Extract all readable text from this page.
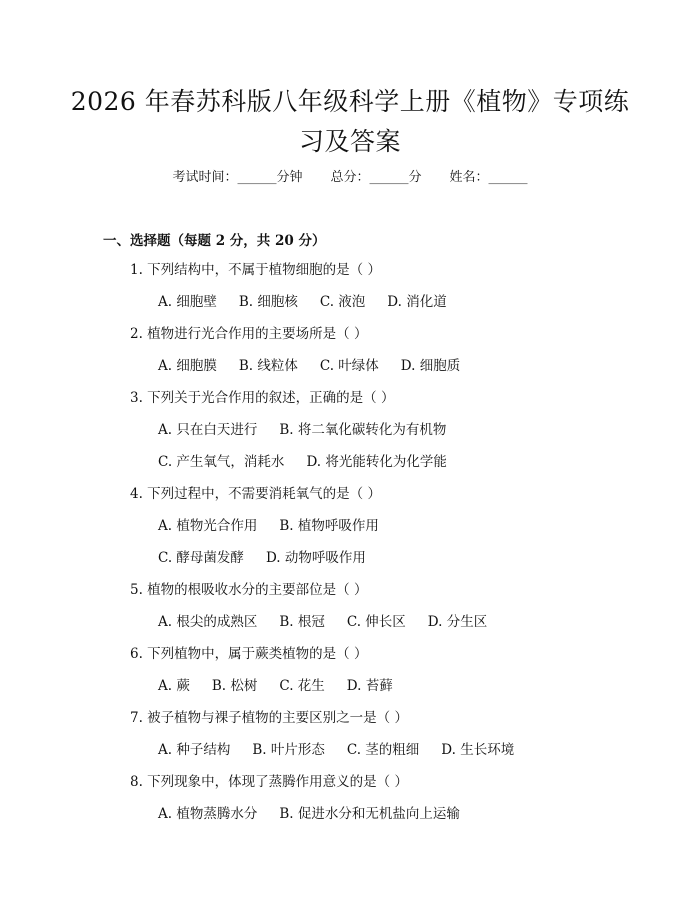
2026 年春苏科版八年级科学上册《植物》专项练习及答案
考试时间：______分钟 总分：______分 姓名：______
一、选择题（每题 2 分，共 20 分）
1. 下列结构中，不属于植物细胞的是（ ）
A. 细胞壁 B. 细胞核 C. 液泡 D. 消化道
2. 植物进行光合作用的主要场所是（ ）
A. 细胞膜 B. 线粒体 C. 叶绿体 D. 细胞质
3. 下列关于光合作用的叙述，正确的是（ ）
A. 只在白天进行 B. 将二氧化碳转化为有机物
C. 产生氧气，消耗水 D. 将光能转化为化学能
4. 下列过程中，不需要消耗氧气的是（ ）
A. 植物光合作用 B. 植物呼吸作用
C. 酵母菌发酵 D. 动物呼吸作用
5. 植物的根吸收水分的主要部位是（ ）
A. 根尖的成熟区 B. 根冠 C. 伸长区 D. 分生区
6. 下列植物中，属于蕨类植物的是（ ）
A. 蕨 B. 松树 C. 花生 D. 苔藓
7. 被子植物与裸子植物的主要区别之一是（ ）
A. 种子结构 B. 叶片形态 C. 茎的粗细 D. 生长环境
8. 下列现象中，体现了蒸腾作用意义的是（ ）
A. 植物蒸腾水分 B. 促进水分和无机盐向上运输
